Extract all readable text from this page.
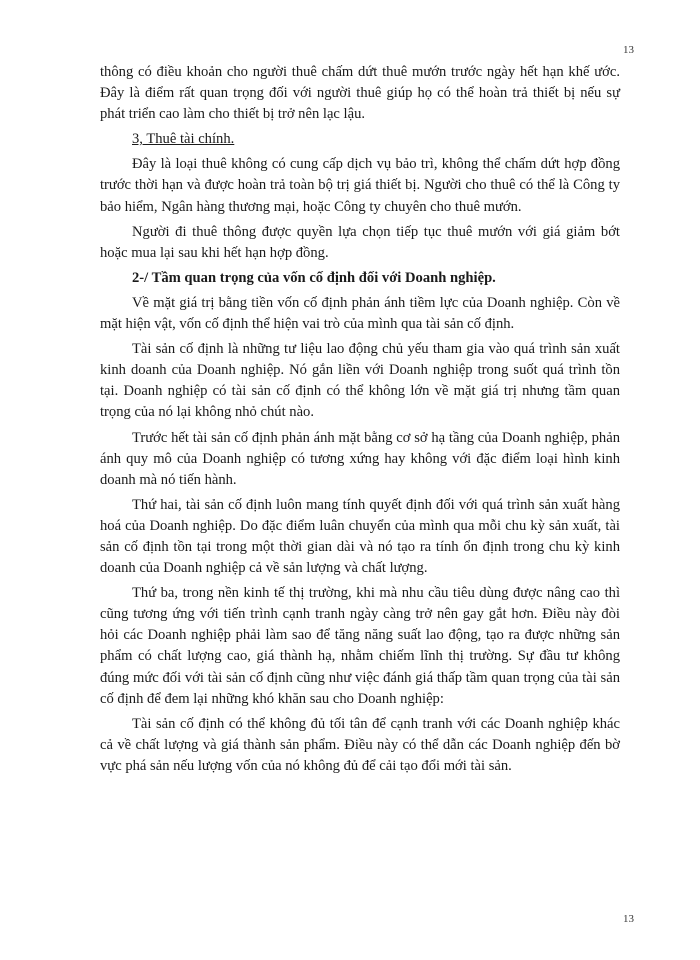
13

thông có điều khoản cho người thuê chấm dứt thuê mướn trước ngày hết hạn khế ước. Đây là điểm rất quan trọng đối với người thuê giúp họ có thể hoàn trả thiết bị nếu sự phát triển cao làm cho thiết bị trở nên lạc lậu.

3, Thuê tài chính.

Đây là loại thuê không có cung cấp dịch vụ bảo trì, không thể chấm dứt hợp đồng trước thời hạn và được hoàn trả toàn bộ trị giá thiết bị. Người cho thuê có thể là Công ty bảo hiểm, Ngân hàng thương mại, hoặc Công ty chuyên cho thuê mướn.

Người đi thuê thông được quyền lựa chọn tiếp tục thuê mướn với giá giảm bớt hoặc mua lại sau khi hết hạn hợp đồng.

2-/ Tầm quan trọng của vốn cố định đối với Doanh nghiệp.

Về mặt giá trị bằng tiền vốn cố định phản ánh tiềm lực của Doanh nghiệp. Còn về mặt hiện vật, vốn cố định thể hiện vai trò của mình qua tài sản cố định.

Tài sản cố định là những tư liệu lao động chủ yếu tham gia vào quá trình sản xuất kinh doanh của Doanh nghiệp. Nó gắn liền với Doanh nghiệp trong suốt quá trình tồn tại. Doanh nghiệp có tài sản cố định có thể không lớn về mặt giá trị nhưng tầm quan trọng của nó lại không nhỏ chút nào.

Trước hết tài sản cố định phản ánh mặt bằng cơ sở hạ tầng của Doanh nghiệp, phản ánh quy mô của Doanh nghiệp có tương xứng hay không với đặc điểm loại hình kinh doanh mà nó tiến hành.

Thứ hai, tài sản cố định luôn mang tính quyết định đối với quá trình sản xuất hàng hoá của Doanh nghiệp. Do đặc điểm luân chuyển của mình qua mỗi chu kỳ sản xuất, tài sản cố định tồn tại trong một thời gian dài và nó tạo ra tính ổn định trong chu kỳ kinh doanh của Doanh nghiệp cả về sản lượng và chất lượng.

Thứ ba, trong nền kinh tế thị trường, khi mà nhu cầu tiêu dùng được nâng cao thì cũng tương ứng với tiến trình cạnh tranh ngày càng trở nên gay gắt hơn. Điều này đòi hỏi các Doanh nghiệp phải làm sao để tăng năng suất lao động, tạo ra được những sản phẩm có chất lượng cao, giá thành hạ, nhằm chiếm lĩnh thị trường. Sự đầu tư không đúng mức đối với tài sản cố định cũng như việc đánh giá thấp tầm quan trọng của tài sản cố định để đem lại những khó khăn sau cho Doanh nghiệp:

Tài sản cố định có thể không đủ tối tân để cạnh tranh với các Doanh nghiệp khác cả về chất lượng và giá thành sản phẩm. Điều này có thể dẫn các Doanh nghiệp đến bờ vực phá sản nếu lượng vốn của nó không đủ để cải tạo đổi mới tài sản.

13
